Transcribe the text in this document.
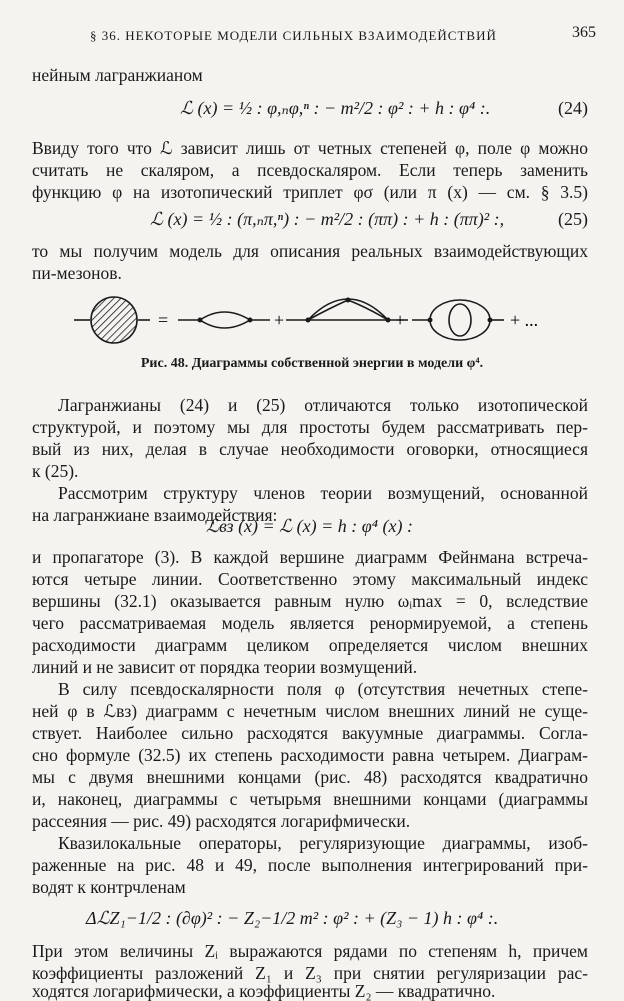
§ 36. НЕКОТОРЫЕ МОДЕЛИ СИЛЬНЫХ ВЗАИМОДЕЙСТВИЙ	365
нейным лагранжианом
ℒ (x) = ½ : φ,ₙφ,ⁿ : − m²/2 : φ² : + h : φ⁴ :.	(24)
Ввиду того что ℒ зависит лишь от четных степеней φ, поле φ можно
считать не скаляром, а псевдоскаляром. Если теперь заменить
функцию φ на изотопический триплет φσ (или π (x) — см. § 3.5)
ℒ (x) = ½ : (π,ₙπ,ⁿ) : − m²/2 : (ππ) : + h : (ππ)² :,	(25)
то мы получим модель для описания реальных взаимодействующих
пи-мезонов.
=	+	+	+ ...
Рис. 48. Диаграммы собственной энергии в модели φ⁴.
Лагранжианы (24) и (25) отличаются только изотопической
структурой, и поэтому мы для простоты будем рассматривать пер-
вый из них, делая в случае необходимости оговорки, относящиеся
к (25).
Рассмотрим структуру членов теории возмущений, основанной
на лагранжиане взаимодействия:
ℒвз (x) = ℒ (x) = h : φ⁴ (x) :
и пропагаторе (3). В каждой вершине диаграмм Фейнмана встреча-
ются четыре линии. Соответственно этому максимальный индекс
вершины (32.1) оказывается равным нулю ωᵢmax = 0, вследствие
чего рассматриваемая модель является ренормируемой, а степень
расходимости диаграмм целиком определяется числом внешних
линий и не зависит от порядка теории возмущений.
В силу псевдоскалярности поля φ (отсутствия нечетных степе-
ней φ в ℒвз) диаграмм с нечетным числом внешних линий не суще-
ствует. Наиболее сильно расходятся вакуумные диаграммы. Согла-
сно формуле (32.5) их степень расходимости равна четырем. Диаграм-
мы с двумя внешними концами (рис. 48) расходятся квадратично
и, наконец, диаграммы с четырьмя внешними концами (диаграммы
рассеяния — рис. 49) расходятся логарифмически.
Квазилокальные операторы, регуляризующие диаграммы, изоб-
раженные на рис. 48 и 49, после выполнения интегрирований при-
водят к контрчленам
ΔℒZ₁−1/2 : (∂φ)² : − Z₂−1/2 m² : φ² : + (Z₃ − 1) h : φ⁴ :.
При этом величины Zᵢ выражаются рядами по степеням h, причем
коэффициенты разложений Z₁ и Z₃ при снятии регуляризации рас-
ходятся логарифмически, а коэффициенты Z₂ — квадратично.
